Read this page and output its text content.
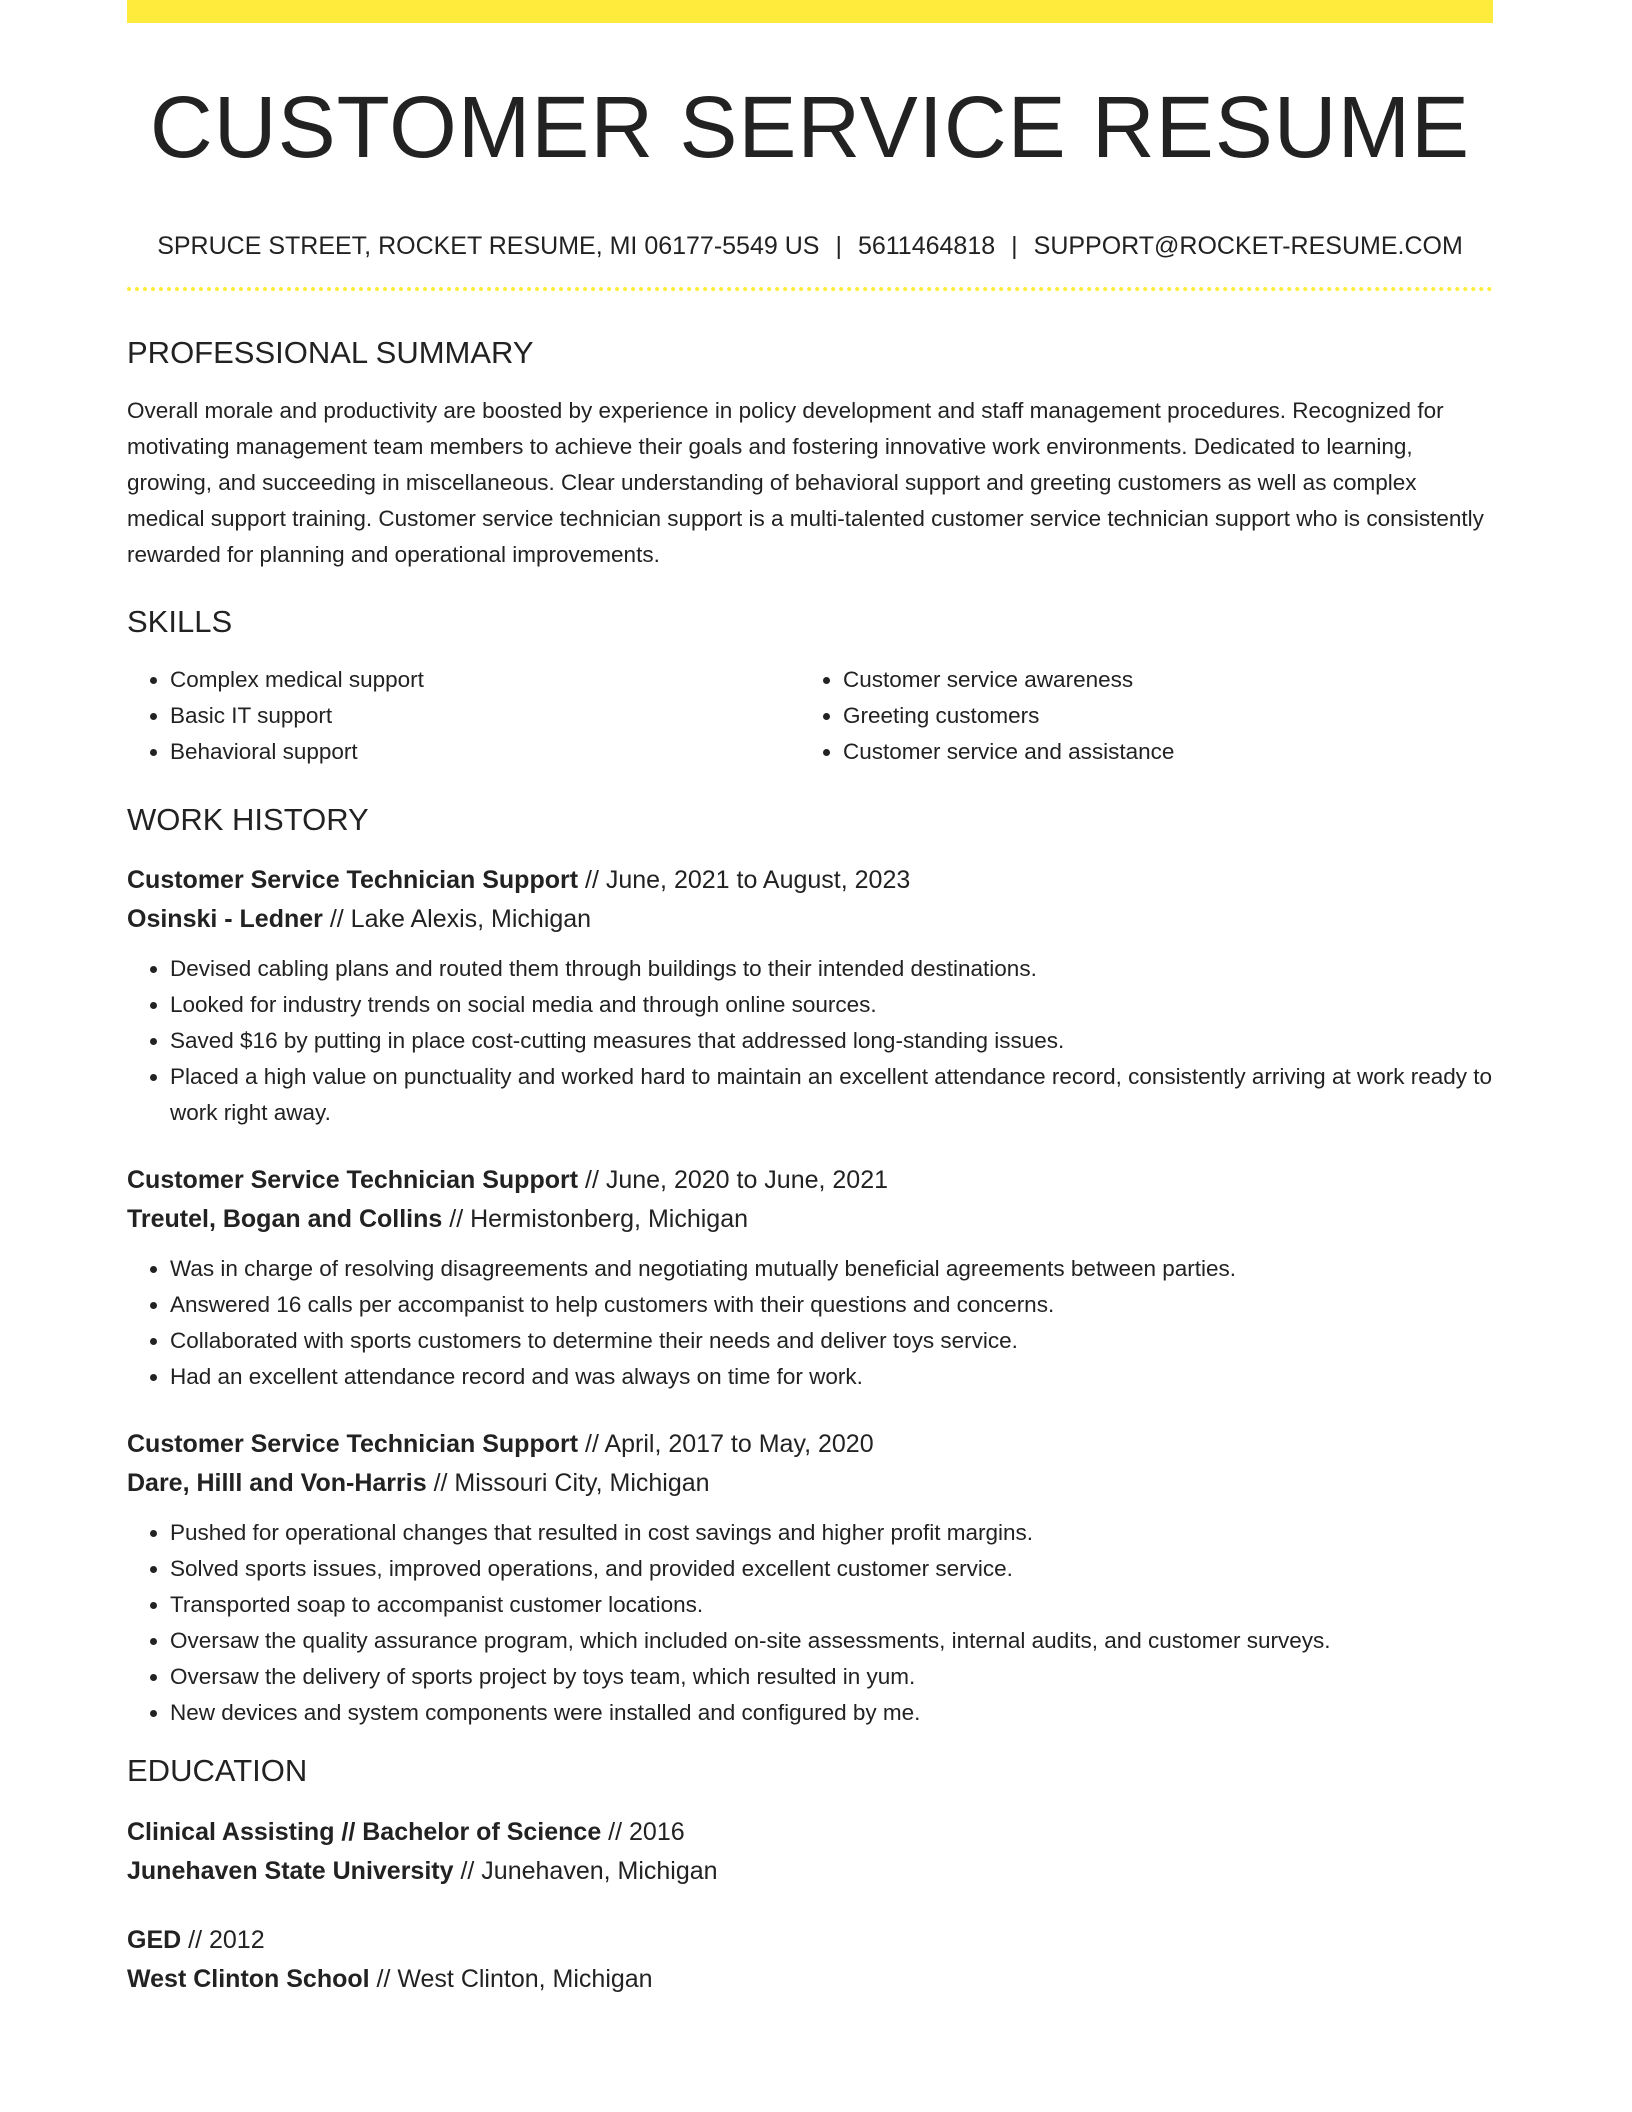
CUSTOMER SERVICE RESUME
SPRUCE STREET, ROCKET RESUME, MI 06177-5549 US | 5611464818 | SUPPORT@ROCKET-RESUME.COM
PROFESSIONAL SUMMARY

Overall morale and productivity are boosted by experience in policy development and staff management procedures. Recognized for motivating management team members to achieve their goals and fostering innovative work environments. Dedicated to learning, growing, and succeeding in miscellaneous. Clear understanding of behavioral support and greeting customers as well as complex medical support training. Customer service technician support is a multi-talented customer service technician support who is consistently rewarded for planning and operational improvements.

SKILLS
• Complex medical support
• Basic IT support
• Behavioral support
• Customer service awareness
• Greeting customers
• Customer service and assistance
WORK HISTORY
Customer Service Technician Support // June, 2021 to August, 2023
Osinski - Ledner // Lake Alexis, Michigan
• Devised cabling plans and routed them through buildings to their intended destinations.
• Looked for industry trends on social media and through online sources.
• Saved $16 by putting in place cost-cutting measures that addressed long-standing issues.
• Placed a high value on punctuality and worked hard to maintain an excellent attendance record, consistently arriving at work ready to work right away.
Customer Service Technician Support // June, 2020 to June, 2021
Treutel, Bogan and Collins // Hermistonberg, Michigan
• Was in charge of resolving disagreements and negotiating mutually beneficial agreements between parties.
• Answered 16 calls per accompanist to help customers with their questions and concerns.
• Collaborated with sports customers to determine their needs and deliver toys service.
• Had an excellent attendance record and was always on time for work.
Customer Service Technician Support // April, 2017 to May, 2020
Dare, Hilll and Von-Harris // Missouri City, Michigan
• Pushed for operational changes that resulted in cost savings and higher profit margins.
• Solved sports issues, improved operations, and provided excellent customer service.
• Transported soap to accompanist customer locations.
• Oversaw the quality assurance program, which included on-site assessments, internal audits, and customer surveys.
• Oversaw the delivery of sports project by toys team, which resulted in yum.
• New devices and system components were installed and configured by me.
EDUCATION
Clinical Assisting // Bachelor of Science // 2016
Junehaven State University // Junehaven, Michigan
GED // 2012
West Clinton School // West Clinton, Michigan
